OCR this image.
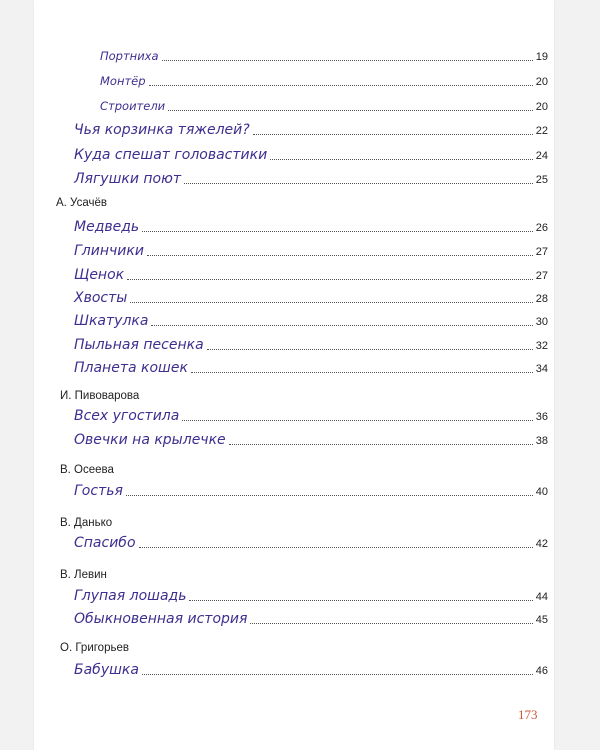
Портниха	19
Монтёр	20
Строители	20
Чья корзинка тяжелей?	22
Куда спешат головастики	24
Лягушки поют	25
А. Усачёв
Медведь	26
Глинчики	27
Щенок	27
Хвосты	28
Шкатулка	30
Пыльная песенка	32
Планета кошек	34
И. Пивоварова
Всех угостила	36
Овечки на крылечке	38
В. Осеева
Гостья	40
В. Данько
Спасибо	42
В. Левин
Глупая лошадь	44
Обыкновенная история	45
О. Григорьев
Бабушка	46
173
